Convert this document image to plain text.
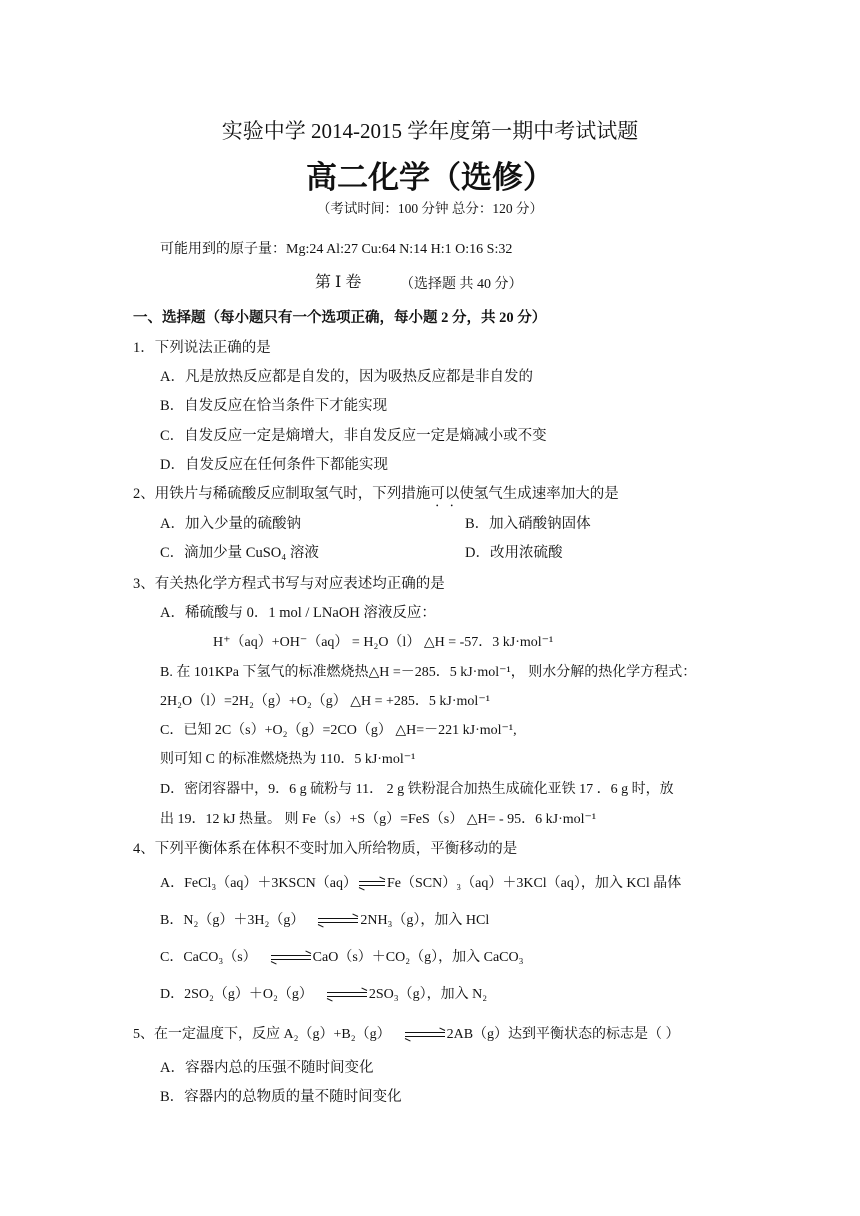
实验中学 2014-2015 学年度第一期中考试试题
高二化学（选修）
（考试时间：100 分钟 总分：120 分）
可能用到的原子量：Mg:24 Al:27 Cu:64 N:14 H:1 O:16 S:32
第 Ⅰ 卷	（选择题 共 40 分）
一、选择题（每小题只有一个选项正确，每小题 2 分，共 20 分）
1．下列说法正确的是
A．凡是放热反应都是自发的，因为吸热反应都是非自发的
B．自发反应在恰当条件下才能实现
C．自发反应一定是熵增大，非自发反应一定是熵减小或不变
D．自发反应在任何条件下都能实现
2、用铁片与稀硫酸反应制取氢气时，下列措施可以使氢气生成速率加大的是
A．加入少量的硫酸钠	B．加入硝酸钠固体
C．滴加少量 CuSO₄ 溶液	D．改用浓硫酸
3、有关热化学方程式书写与对应表述均正确的是
A．稀硫酸与 0．1 mol / LNaOH 溶液反应：
H⁺（aq）+OH⁻（aq） = H₂O（l） △H = -57．3 kJ·mol⁻¹
B. 在 101KPa 下氢气的标准燃烧热△H =－285．5 kJ·mol⁻¹， 则水分解的热化学方程式：
2H₂O（l）=2H₂（g）+O₂（g） △H = +285．5 kJ·mol⁻¹
C．已知 2C（s）+O₂（g）=2CO（g） △H=－221 kJ·mol⁻¹,
则可知 C 的标准燃烧热为 110．5 kJ·mol⁻¹
D．密闭容器中，9．6 g 硫粉与 11． 2 g 铁粉混合加热生成硫化亚铁 17 ．6 g 时，放
出 19．12 kJ 热量。 则 Fe（s）+S（g）=FeS（s） △H= - 95．6 kJ·mol⁻¹
4、下列平衡体系在体积不变时加入所给物质，平衡移动的是
A．FeCl₃（aq）＋3KSCN（aq） Fe（SCN）₃（aq）＋3KCl（aq），加入 KCl 晶体
B．N₂（g）＋3H₂（g）	2NH₃（g），加入 HCl
C．CaCO₃（s）	CaO（s）＋CO₂（g），加入 CaCO₃
D．2SO₂（g）＋O₂（g）	2SO₃（g），加入 N₂
5、在一定温度下，反应 A₂（g）+B₂（g）	2AB（g）达到平衡状态的标志是（ ）
A．容器内总的压强不随时间变化
B．容器内的总物质的量不随时间变化
